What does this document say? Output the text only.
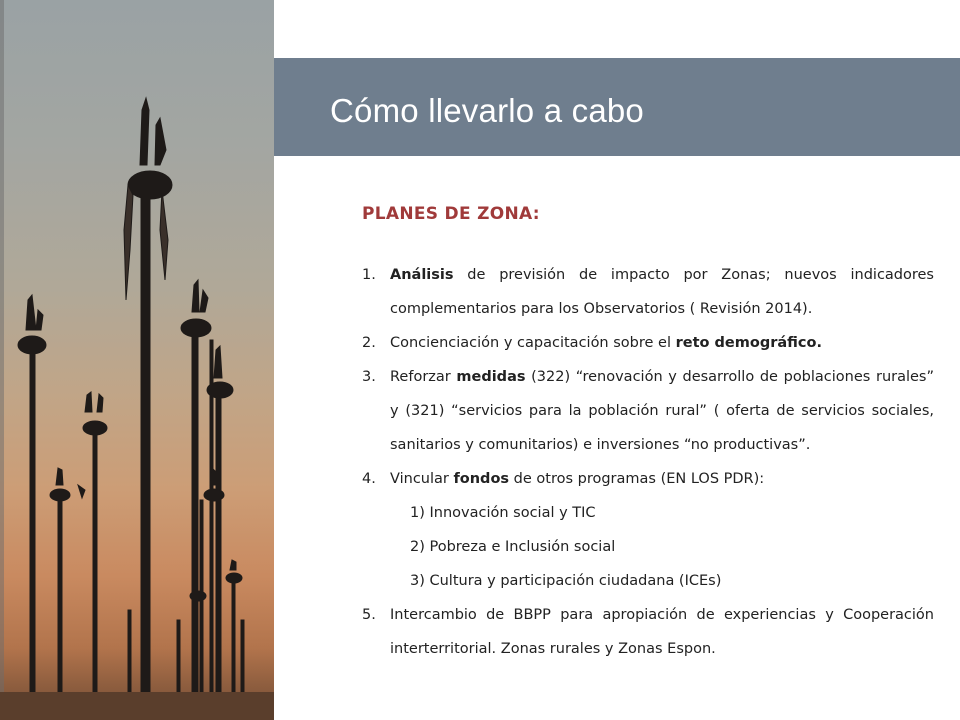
Cómo llevarlo a cabo
PLANES DE ZONA:
1. Análisis de previsión de impacto por Zonas; nuevos indicadores complementarios para los Observatorios ( Revisión 2014).
2. Concienciación y capacitación sobre el reto demográfico.
3. Reforzar medidas (322) “renovación y desarrollo de poblaciones rurales” y (321) “servicios para la población rural” ( oferta de servicios sociales, sanitarios y comunitarios) e inversiones “no productivas”.
4. Vincular fondos de otros programas (EN LOS PDR):
1) Innovación social y TIC
2) Pobreza e Inclusión social
3) Cultura y participación ciudadana (ICEs)
5. Intercambio de BBPP para apropiación de experiencias y Cooperación interterritorial. Zonas rurales y Zonas Espon.
